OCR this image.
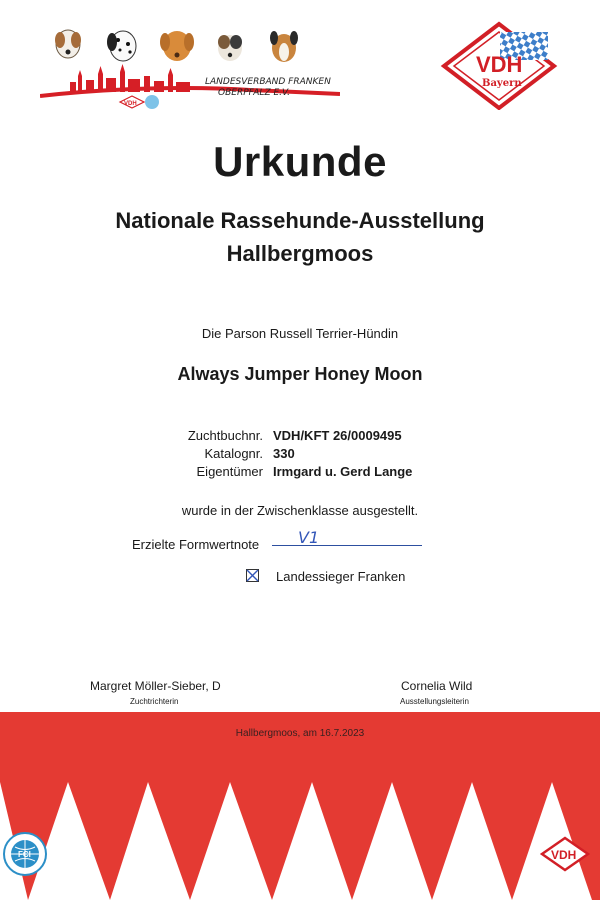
LANDESVERBAND FRANKEN
OBERPFALZ E.V.
VDH
VDH
Bayern
Urkunde
Nationale Rassehunde-Ausstellung
Hallbergmoos
Die Parson Russell Terrier-Hündin
Always Jumper Honey Moon
Zuchtbuchnr. VDH/KFT 26/0009495
Katalognr. 330
Eigentümer Irmgard u. Gerd Lange
wurde in der Zwischenklasse ausgestellt.
Erzielte Formwertnote V1
Landessieger Franken
Margret Möller-Sieber, D
Zuchtrichterin
Cornelia Wild
Ausstellungsleiterin
Hallbergmoos, am 16.7.2023
FCI	VDH
